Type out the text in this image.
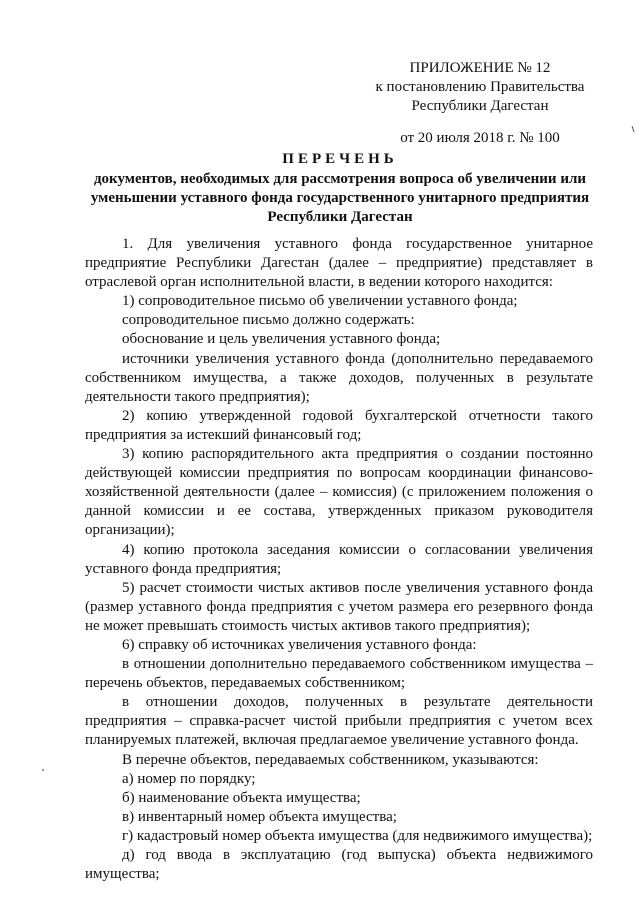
ПРИЛОЖЕНИЕ № 12
к постановлению Правительства
Республики Дагестан
от 20 июля 2018 г. № 100
ПЕРЕЧЕНЬ
документов, необходимых для рассмотрения вопроса об увеличении или уменьшении уставного фонда государственного унитарного предприятия Республики Дагестан

1. Для увеличения уставного фонда государственное унитарное предприятие Республики Дагестан (далее – предприятие) представляет в отраслевой орган исполнительной власти, в ведении которого находится:

1) сопроводительное письмо об увеличении уставного фонда;

сопроводительное письмо должно содержать:

обоснование и цель увеличения уставного фонда;

источники увеличения уставного фонда (дополнительно передаваемого собственником имущества, а также доходов, полученных в результате деятельности такого предприятия);

2) копию утвержденной годовой бухгалтерской отчетности такого предприятия за истекший финансовый год;

3) копию распорядительного акта предприятия о создании постоянно действующей комиссии предприятия по вопросам координации финансово-хозяйственной деятельности (далее – комиссия) (с приложением положения о данной комиссии и ее состава, утвержденных приказом руководителя организации);

4) копию протокола заседания комиссии о согласовании увеличения уставного фонда предприятия;

5) расчет стоимости чистых активов после увеличения уставного фонда (размер уставного фонда предприятия с учетом размера его резервного фонда не может превышать стоимость чистых активов такого предприятия);

6) справку об источниках увеличения уставного фонда:

в отношении дополнительно передаваемого собственником имущества – перечень объектов, передаваемых собственником;

в отношении доходов, полученных в результате деятельности предприятия – справка-расчет чистой прибыли предприятия с учетом всех планируемых платежей, включая предлагаемое увеличение уставного фонда.

В перечне объектов, передаваемых собственником, указываются:

а) номер по порядку;

б) наименование объекта имущества;

в) инвентарный номер объекта имущества;

г) кадастровый номер объекта имущества (для недвижимого имущества);

д) год ввода в эксплуатацию (год выпуска) объекта недвижимого имущества;
